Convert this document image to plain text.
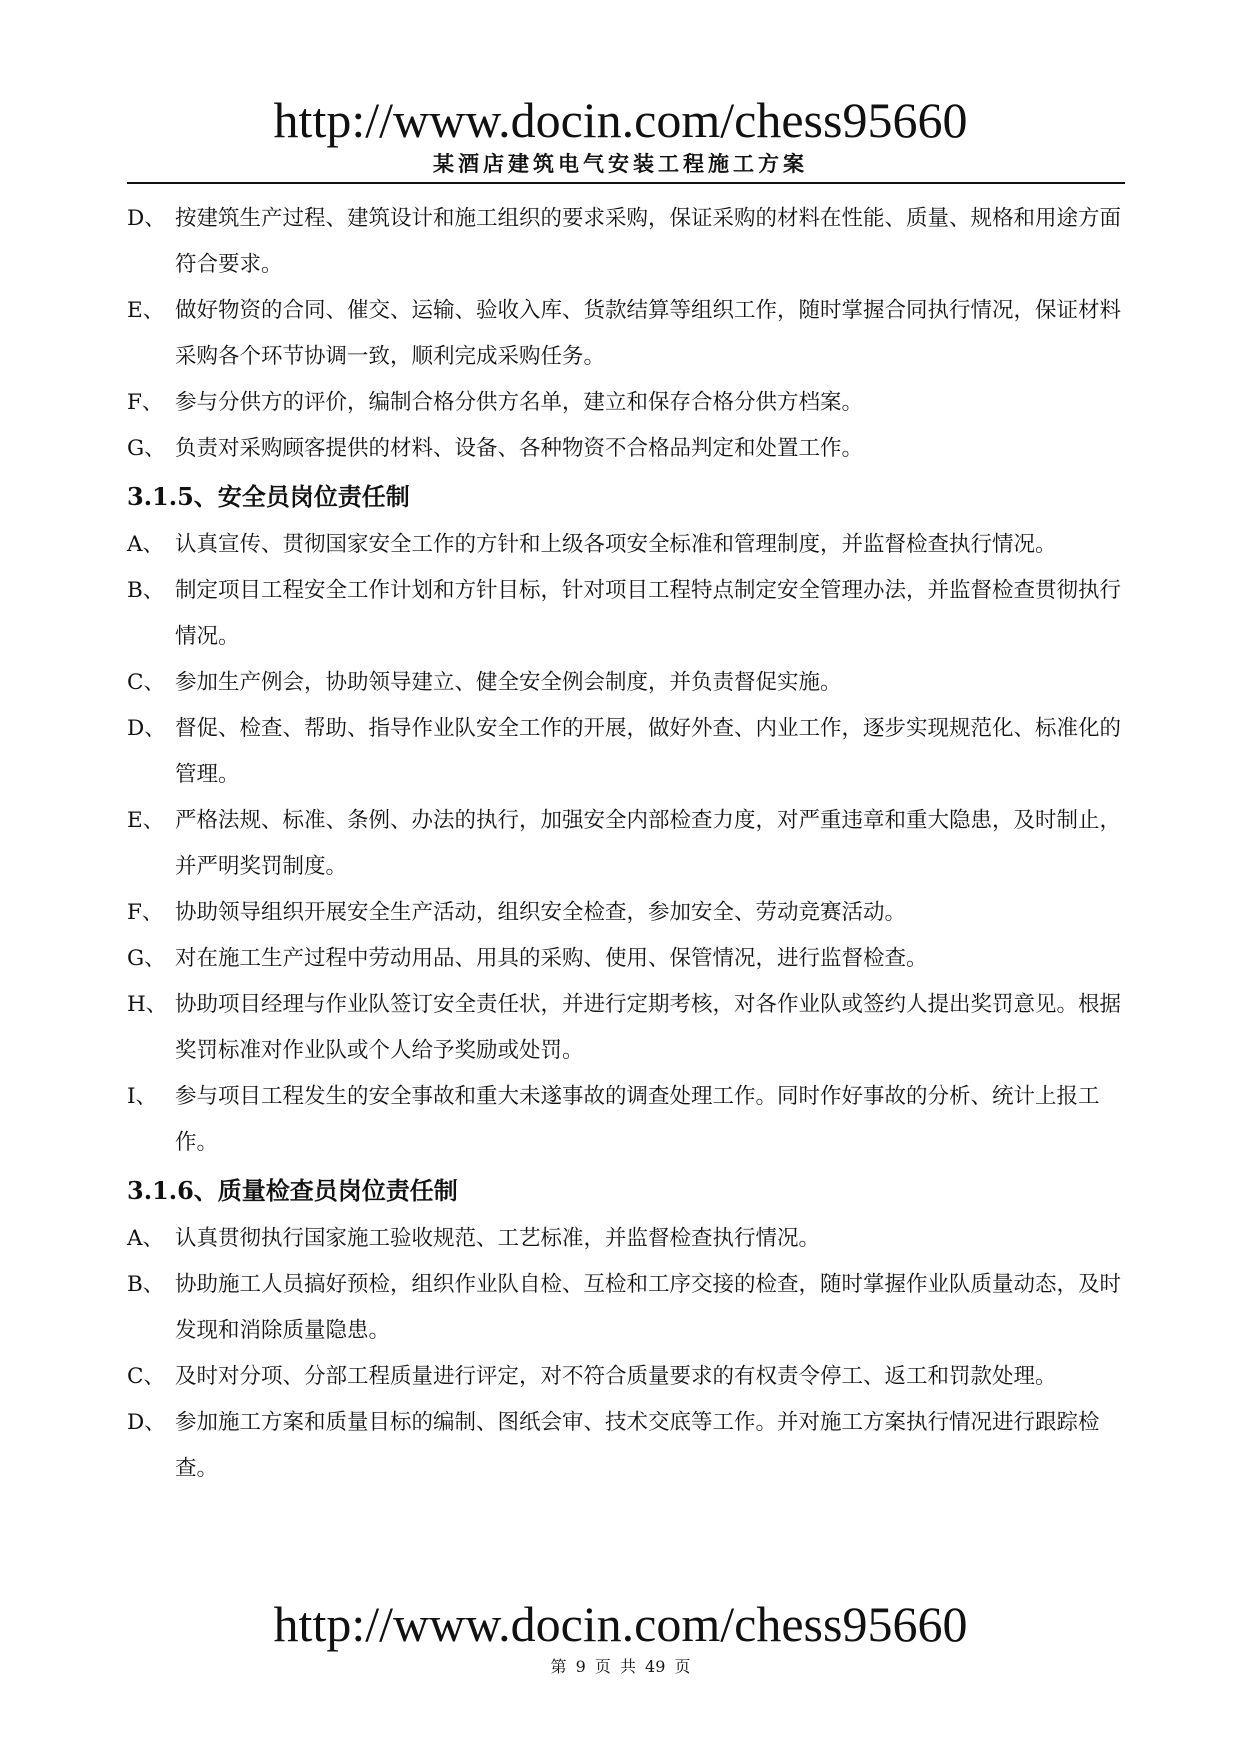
http://www.docin.com/chess95660
某酒店建筑电气安装工程施工方案
D、 按建筑生产过程、建筑设计和施工组织的要求采购，保证采购的材料在性能、质量、规格和用途方面符合要求。
E、 做好物资的合同、催交、运输、验收入库、货款结算等组织工作，随时掌握合同执行情况，保证材料采购各个环节协调一致，顺利完成采购任务。
F、 参与分供方的评价，编制合格分供方名单，建立和保存合格分供方档案。
G、 负责对采购顾客提供的材料、设备、各种物资不合格品判定和处置工作。
3.1.5、安全员岗位责任制
A、 认真宣传、贯彻国家安全工作的方针和上级各项安全标准和管理制度，并监督检查执行情况。
B、 制定项目工程安全工作计划和方针目标，针对项目工程特点制定安全管理办法，并监督检查贯彻执行情况。
C、 参加生产例会，协助领导建立、健全安全例会制度，并负责督促实施。
D、 督促、检查、帮助、指导作业队安全工作的开展，做好外查、内业工作，逐步实现规范化、标准化的管理。
E、 严格法规、标准、条例、办法的执行，加强安全内部检查力度，对严重违章和重大隐患，及时制止，并严明奖罚制度。
F、 协助领导组织开展安全生产活动，组织安全检查，参加安全、劳动竞赛活动。
G、 对在施工生产过程中劳动用品、用具的采购、使用、保管情况，进行监督检查。
H、 协助项目经理与作业队签订安全责任状，并进行定期考核，对各作业队或签约人提出奖罚意见。根据奖罚标准对作业队或个人给予奖励或处罚。
I、 参与项目工程发生的安全事故和重大未遂事故的调查处理工作。同时作好事故的分析、统计上报工作。
3.1.6、质量检查员岗位责任制
A、 认真贯彻执行国家施工验收规范、工艺标准，并监督检查执行情况。
B、 协助施工人员搞好预检，组织作业队自检、互检和工序交接的检查，随时掌握作业队质量动态，及时发现和消除质量隐患。
C、 及时对分项、分部工程质量进行评定，对不符合质量要求的有权责令停工、返工和罚款处理。
D、 参加施工方案和质量目标的编制、图纸会审、技术交底等工作。并对施工方案执行情况进行跟踪检查。
http://www.docin.com/chess95660
第 9 页 共 49 页
